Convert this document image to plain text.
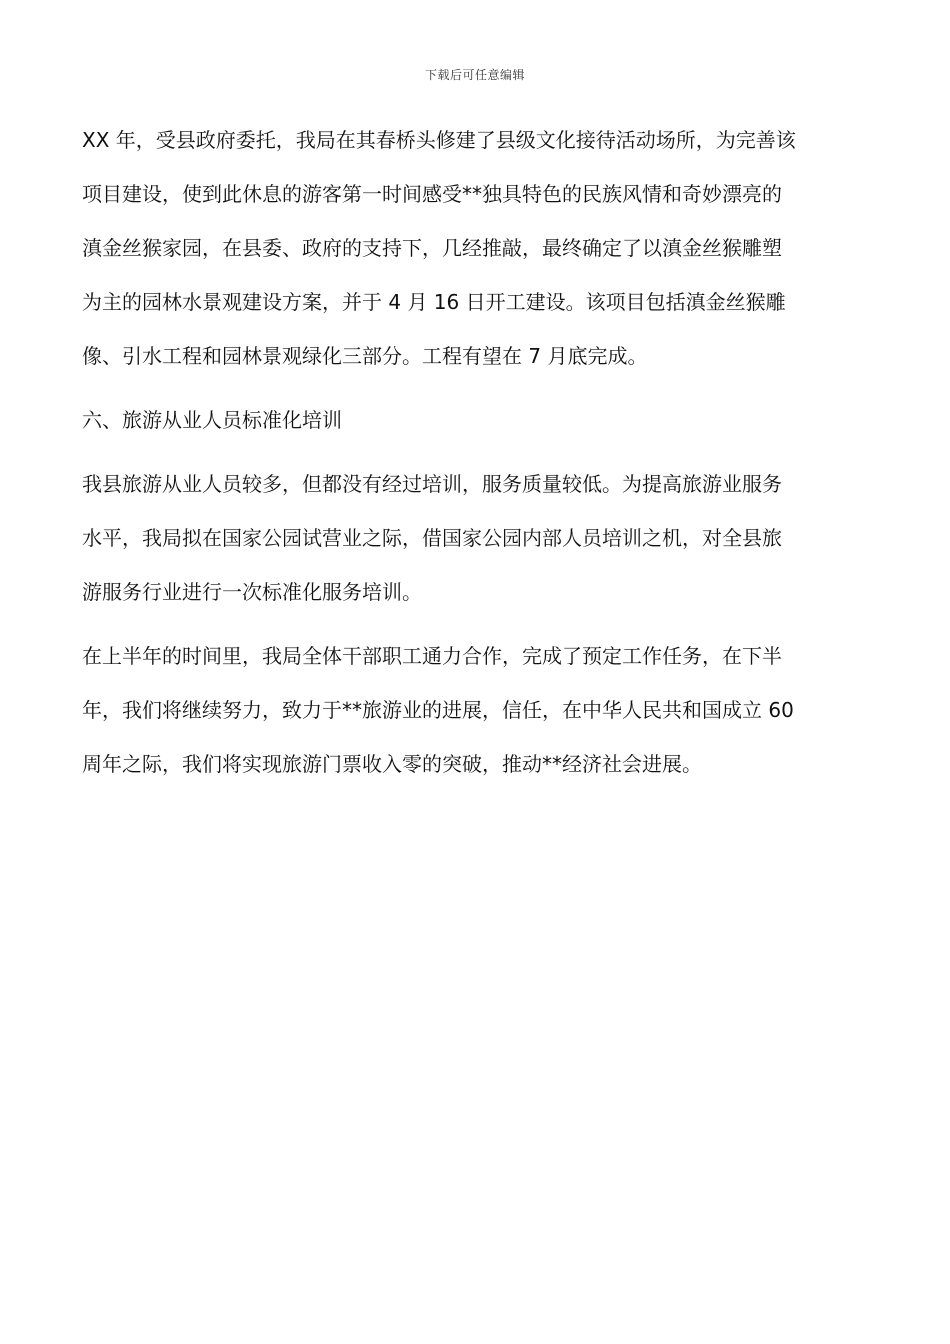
下载后可任意编辑
XX 年，受县政府委托，我局在其春桥头修建了县级文化接待活动场所，为完善该
项目建设，使到此休息的游客第一时间感受**独具特色的民族风情和奇妙漂亮的
滇金丝猴家园，在县委、政府的支持下，几经推敲，最终确定了以滇金丝猴雕塑
为主的园林水景观建设方案，并于 4 月 16 日开工建设。该项目包括滇金丝猴雕
像、引水工程和园林景观绿化三部分。工程有望在 7 月底完成。
六、旅游从业人员标准化培训
我县旅游从业人员较多，但都没有经过培训，服务质量较低。为提高旅游业服务
水平，我局拟在国家公园试营业之际，借国家公园内部人员培训之机，对全县旅
游服务行业进行一次标准化服务培训。
在上半年的时间里，我局全体干部职工通力合作，完成了预定工作任务，在下半
年，我们将继续努力，致力于**旅游业的进展，信任，在中华人民共和国成立 60
周年之际，我们将实现旅游门票收入零的突破，推动**经济社会进展。
